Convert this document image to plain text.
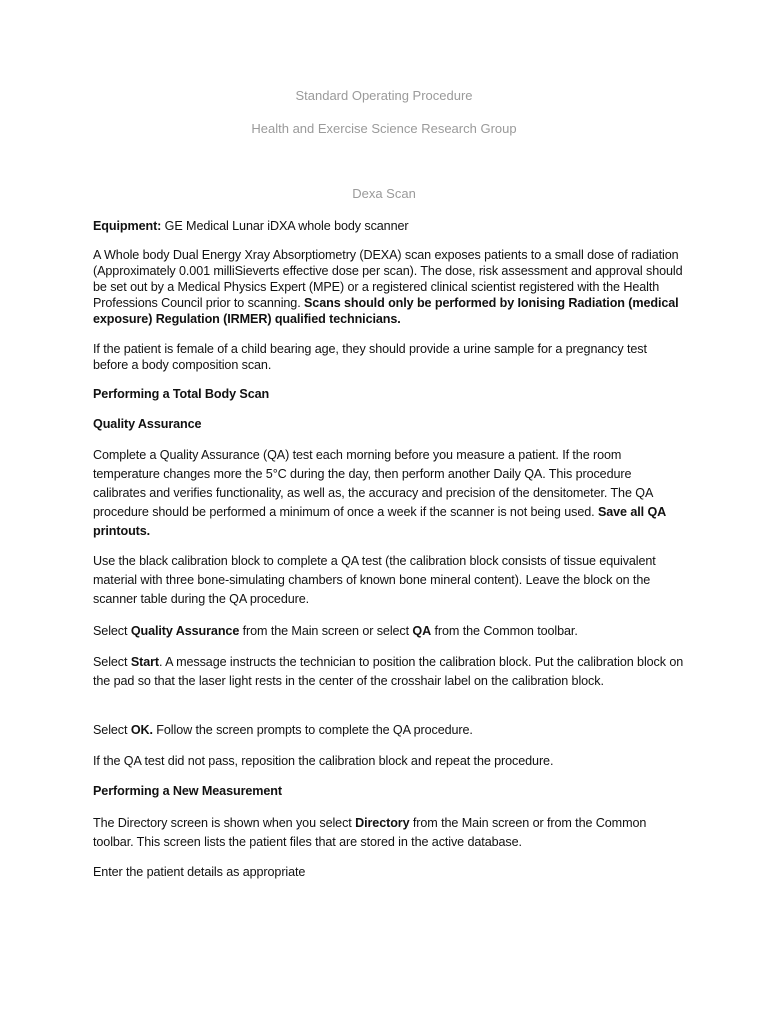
Standard Operating Procedure
Health and Exercise Science Research Group
Dexa Scan

Equipment: GE Medical Lunar iDXA whole body scanner

A Whole body Dual Energy Xray Absorptiometry (DEXA) scan exposes patients to a small dose of radiation (Approximately 0.001 milliSieverts effective dose per scan). The dose, risk assessment and approval should be set out by a Medical Physics Expert (MPE) or a registered clinical scientist registered with the Health Professions Council prior to scanning. Scans should only be performed by Ionising Radiation (medical exposure) Regulation (IRMER) qualified technicians.

If the patient is female of a child bearing age, they should provide a urine sample for a pregnancy test before a body composition scan.

Performing a Total Body Scan

Quality Assurance

Complete a Quality Assurance (QA) test each morning before you measure a patient. If the room temperature changes more the 5°C during the day, then perform another Daily QA. This procedure calibrates and verifies functionality, as well as, the accuracy and precision of the densitometer. The QA procedure should be performed a minimum of once a week if the scanner is not being used. Save all QA printouts.

Use the black calibration block to complete a QA test (the calibration block consists of tissue equivalent material with three bone-simulating chambers of known bone mineral content). Leave the block on the scanner table during the QA procedure.

Select Quality Assurance from the Main screen or select QA from the Common toolbar.

Select Start. A message instructs the technician to position the calibration block. Put the calibration block on the pad so that the laser light rests in the center of the crosshair label on the calibration block.

Select OK. Follow the screen prompts to complete the QA procedure.

If the QA test did not pass, reposition the calibration block and repeat the procedure.

Performing a New Measurement

The Directory screen is shown when you select Directory from the Main screen or from the Common toolbar. This screen lists the patient files that are stored in the active database.

Enter the patient details as appropriate
